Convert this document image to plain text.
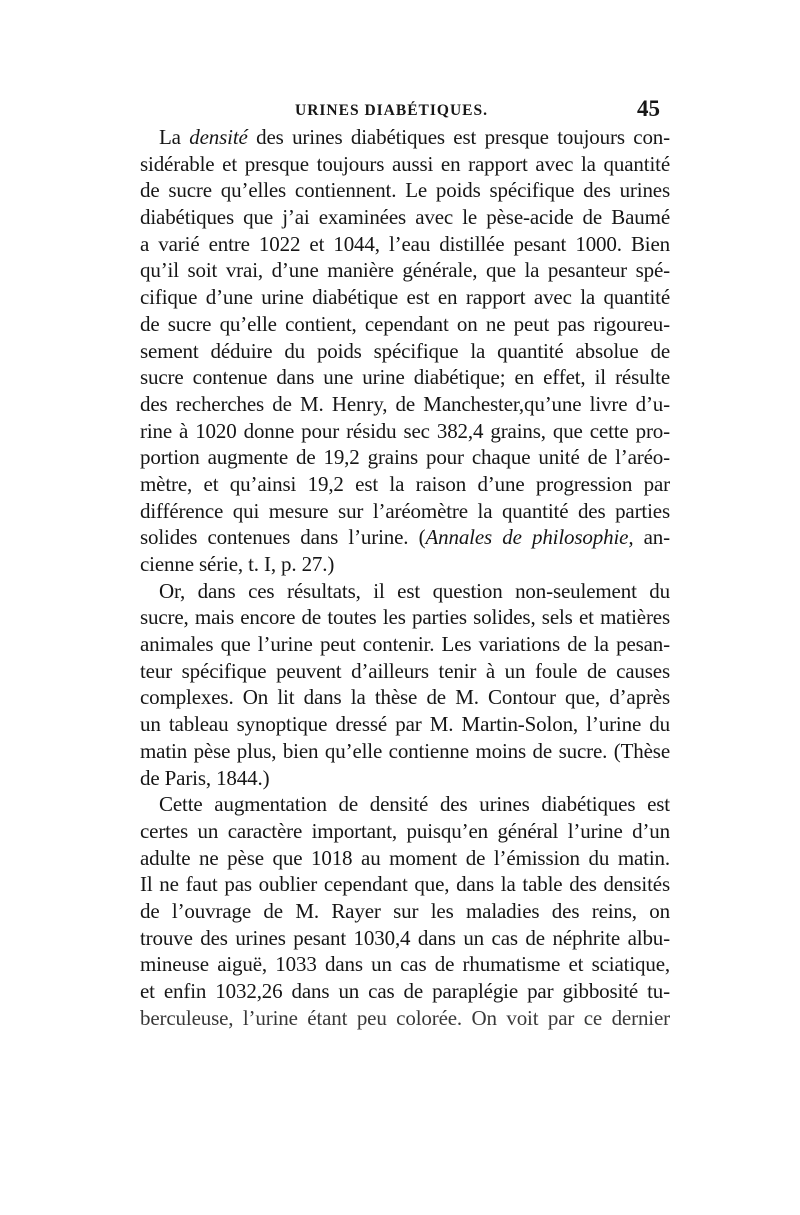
URINES DIABÉTIQUES.	45
La densité des urines diabétiques est presque toujours con-
sidérable et presque toujours aussi en rapport avec la quantité
de sucre qu’elles contiennent. Le poids spécifique des urines
diabétiques que j’ai examinées avec le pèse-acide de Baumé
a varié entre 1022 et 1044, l’eau distillée pesant 1000. Bien
qu’il soit vrai, d’une manière générale, que la pesanteur spé-
cifique d’une urine diabétique est en rapport avec la quantité
de sucre qu’elle contient, cependant on ne peut pas rigoureu-
sement déduire du poids spécifique la quantité absolue de
sucre contenue dans une urine diabétique; en effet, il résulte
des recherches de M. Henry, de Manchester,qu’une livre d’u-
rine à 1020 donne pour résidu sec 382,4 grains, que cette pro-
portion augmente de 19,2 grains pour chaque unité de l’aréo-
mètre, et qu’ainsi 19,2 est la raison d’une progression par
différence qui mesure sur l’aréomètre la quantité des parties
solides contenues dans l’urine. (Annales de philosophie, an-
cienne série, t. I, p. 27.)
Or, dans ces résultats, il est question non-seulement du
sucre, mais encore de toutes les parties solides, sels et matières
animales que l’urine peut contenir. Les variations de la pesan-
teur spécifique peuvent d’ailleurs tenir à un foule de causes
complexes. On lit dans la thèse de M. Contour que, d’après
un tableau synoptique dressé par M. Martin-Solon, l’urine du
matin pèse plus, bien qu’elle contienne moins de sucre. (Thèse
de Paris, 1844.)
Cette augmentation de densité des urines diabétiques est
certes un caractère important, puisqu’en général l’urine d’un
adulte ne pèse que 1018 au moment de l’émission du matin.
Il ne faut pas oublier cependant que, dans la table des densités
de l’ouvrage de M. Rayer sur les maladies des reins, on
trouve des urines pesant 1030,4 dans un cas de néphrite albu-
mineuse aiguë, 1033 dans un cas de rhumatisme et sciatique,
et enfin 1032,26 dans un cas de paraplégie par gibbosité tu-
berculeuse, l’urine étant peu colorée. On voit par ce dernier
